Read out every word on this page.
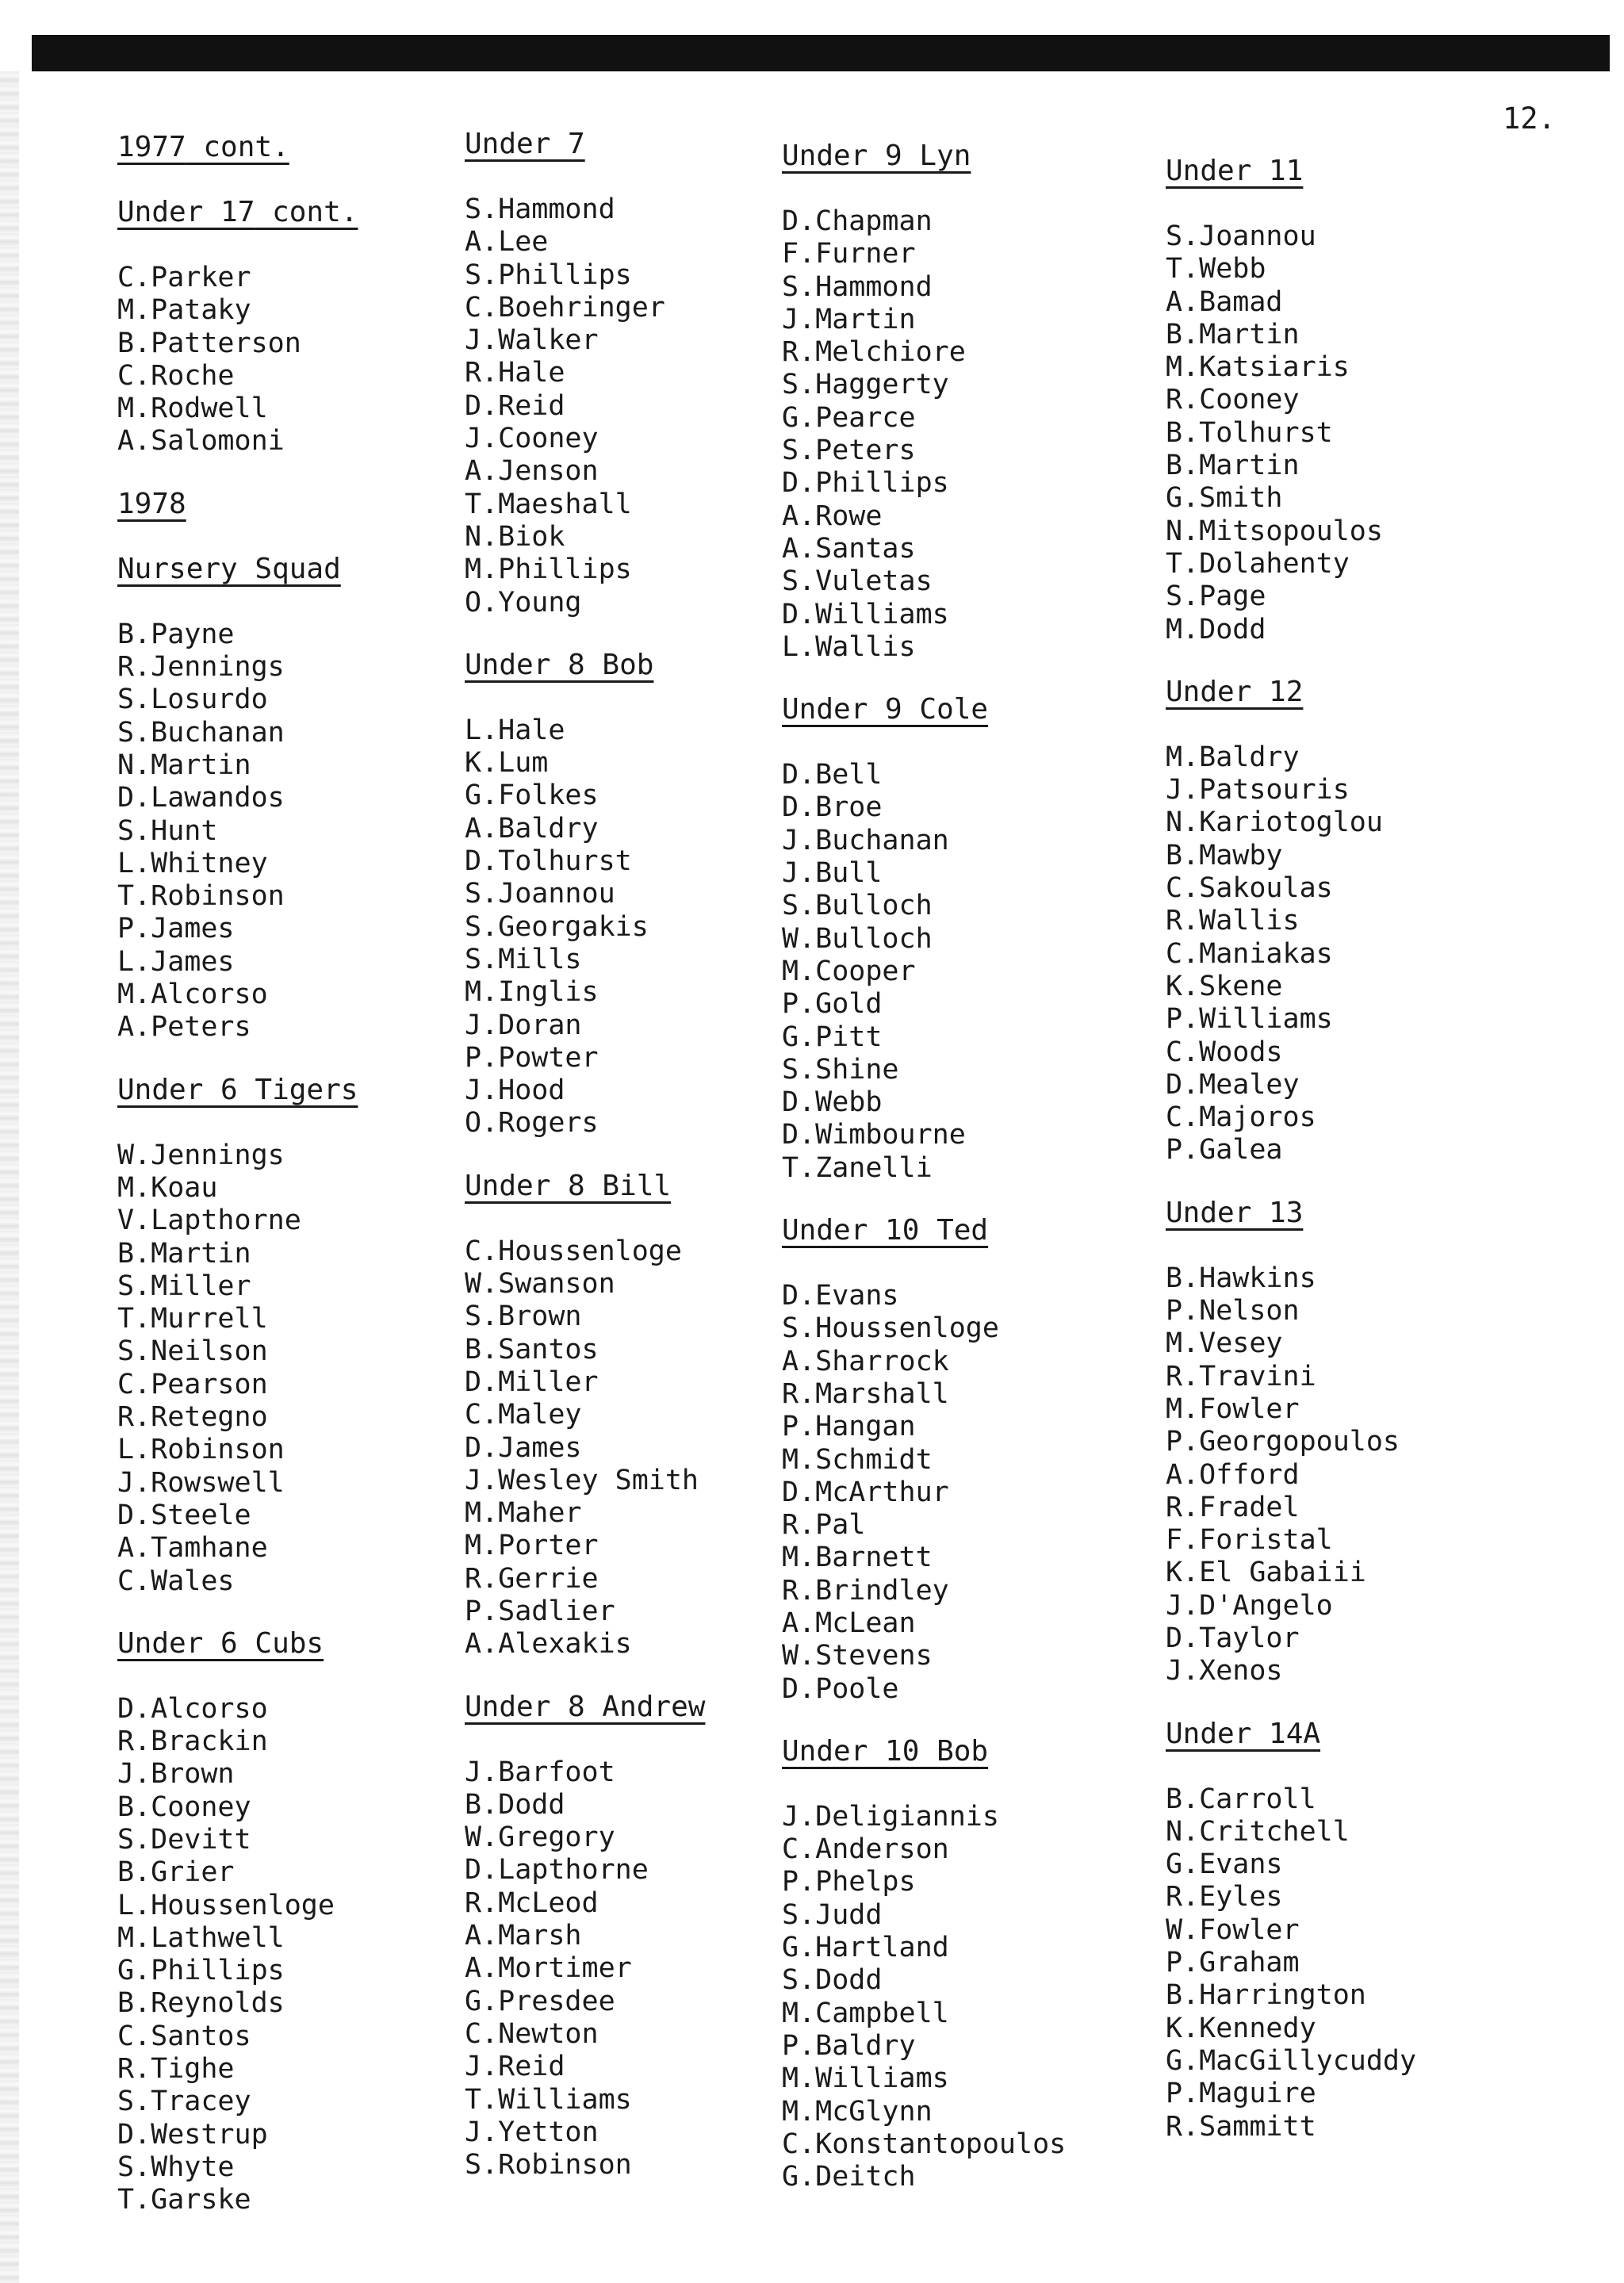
12.
1977 cont.
Under 17 cont.
C.Parker
M.Pataky
B.Patterson
C.Roche
M.Rodwell
A.Salomoni
1978
Nursery Squad
B.Payne
R.Jennings
S.Losurdo
S.Buchanan
N.Martin
D.Lawandos
S.Hunt
L.Whitney
T.Robinson
P.James
L.James
M.Alcorso
A.Peters
Under 6 Tigers
W.Jennings
M.Koau
V.Lapthorne
B.Martin
S.Miller
T.Murrell
S.Neilson
C.Pearson
R.Retegno
L.Robinson
J.Rowswell
D.Steele
A.Tamhane
C.Wales
Under 6 Cubs
D.Alcorso
R.Brackin
J.Brown
B.Cooney
S.Devitt
B.Grier
L.Houssenloge
M.Lathwell
G.Phillips
B.Reynolds
C.Santos
R.Tighe
S.Tracey
D.Westrup
S.Whyte
T.Garske
Under 7
S.Hammond
A.Lee
S.Phillips
C.Boehringer
J.Walker
R.Hale
D.Reid
J.Cooney
A.Jenson
T.Maeshall
N.Biok
M.Phillips
O.Young
Under 8 Bob
L.Hale
K.Lum
G.Folkes
A.Baldry
D.Tolhurst
S.Joannou
S.Georgakis
S.Mills
M.Inglis
J.Doran
P.Powter
J.Hood
O.Rogers
Under 8 Bill
C.Houssenloge
W.Swanson
S.Brown
B.Santos
D.Miller
C.Maley
D.James
J.Wesley Smith
M.Maher
M.Porter
R.Gerrie
P.Sadlier
A.Alexakis
Under 8 Andrew
J.Barfoot
B.Dodd
W.Gregory
D.Lapthorne
R.McLeod
A.Marsh
A.Mortimer
G.Presdee
C.Newton
J.Reid
T.Williams
J.Yetton
S.Robinson
Under 9 Lyn
D.Chapman
F.Furner
S.Hammond
J.Martin
R.Melchiore
S.Haggerty
G.Pearce
S.Peters
D.Phillips
A.Rowe
A.Santas
S.Vuletas
D.Williams
L.Wallis
Under 9 Cole
D.Bell
D.Broe
J.Buchanan
J.Bull
S.Bulloch
W.Bulloch
M.Cooper
P.Gold
G.Pitt
S.Shine
D.Webb
D.Wimbourne
T.Zanelli
Under 10 Ted
D.Evans
S.Houssenloge
A.Sharrock
R.Marshall
P.Hangan
M.Schmidt
D.McArthur
R.Pal
M.Barnett
R.Brindley
A.McLean
W.Stevens
D.Poole
Under 10 Bob
J.Deligiannis
C.Anderson
P.Phelps
S.Judd
G.Hartland
S.Dodd
M.Campbell
P.Baldry
M.Williams
M.McGlynn
C.Konstantopoulos
G.Deitch
Under 11
S.Joannou
T.Webb
A.Bamad
B.Martin
M.Katsiaris
R.Cooney
B.Tolhurst
B.Martin
G.Smith
N.Mitsopoulos
T.Dolahenty
S.Page
M.Dodd
Under 12
M.Baldry
J.Patsouris
N.Kariotoglou
B.Mawby
C.Sakoulas
R.Wallis
C.Maniakas
K.Skene
P.Williams
C.Woods
D.Mealey
C.Majoros
P.Galea
Under 13
B.Hawkins
P.Nelson
M.Vesey
R.Travini
M.Fowler
P.Georgopoulos
A.Offord
R.Fradel
F.Foristal
K.El Gabaiii
J.D'Angelo
D.Taylor
J.Xenos
Under 14A
B.Carroll
N.Critchell
G.Evans
R.Eyles
W.Fowler
P.Graham
B.Harrington
K.Kennedy
G.MacGillycuddy
P.Maguire
R.Sammitt
